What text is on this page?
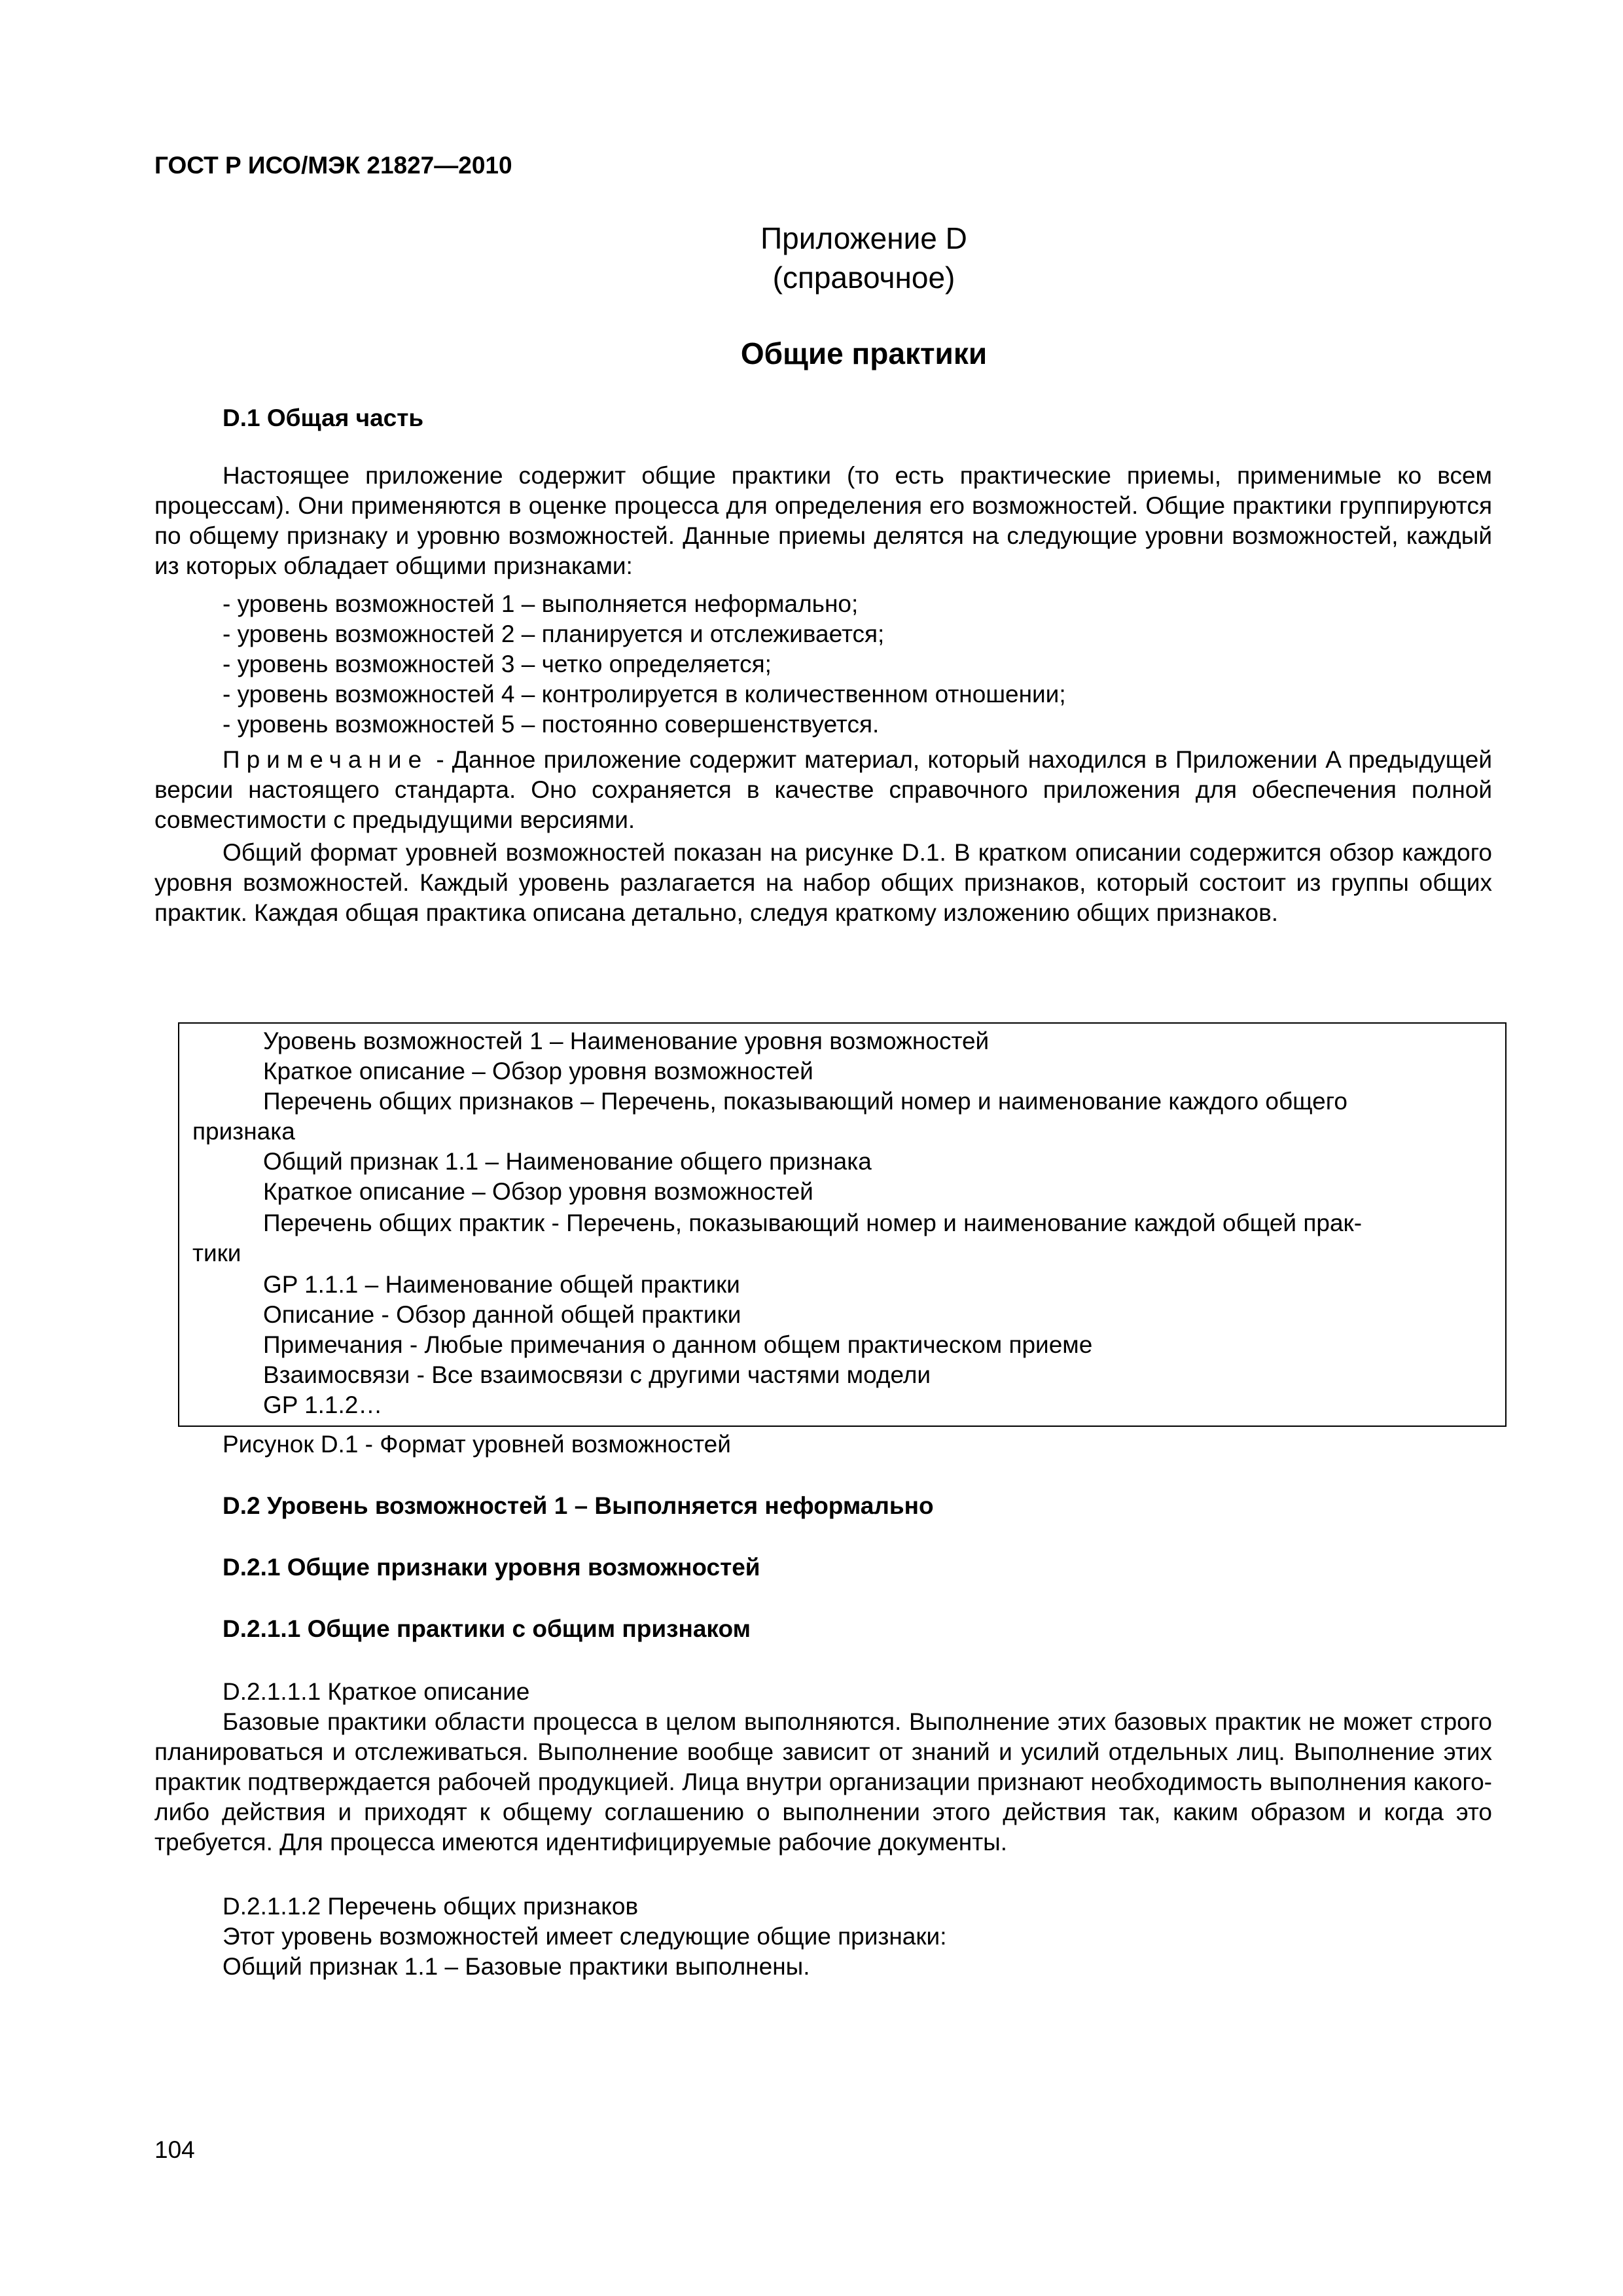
ГОСТ Р ИСО/МЭК 21827—2010
Приложение D
(справочное)
Общие практики
D.1 Общая часть
Настоящее приложение содержит общие практики (то есть практические приемы, применимые ко всем процессам). Они применяются в оценке процесса для определения его возможностей. Общие практики группируются по общему признаку и уровню возможностей. Данные приемы делятся на следующие уровни возможностей, каждый из которых обладает общими признаками:
- уровень возможностей 1 – выполняется неформально;
- уровень возможностей 2 – планируется и отслеживается;
- уровень возможностей 3 – четко определяется;
- уровень возможностей 4 – контролируется в количественном отношении;
- уровень возможностей 5 – постоянно совершенствуется.
Примечание - Данное приложение содержит материал, который находился в Приложении A предыдущей версии настоящего стандарта. Оно сохраняется в качестве справочного приложения для обеспечения полной совместимости с предыдущими версиями.
Общий формат уровней возможностей показан на рисунке D.1. В кратком описании содержится обзор каждого уровня возможностей. Каждый уровень разлагается на набор общих признаков, который состоит из группы общих практик. Каждая общая практика описана детально, следуя краткому изложению общих признаков.
Уровень возможностей 1 – Наименование уровня возможностей
Краткое описание – Обзор уровня возможностей
Перечень общих признаков – Перечень, показывающий номер и наименование каждого общего
признака
Общий признак 1.1 – Наименование общего признака
Краткое описание – Обзор уровня возможностей
Перечень общих практик - Перечень, показывающий номер и наименование каждой общей прак-
тики
GP 1.1.1 – Наименование общей практики
Описание - Обзор данной общей практики
Примечания - Любые примечания о данном общем практическом приеме
Взаимосвязи - Все взаимосвязи с другими частями модели
GP 1.1.2…
Рисунок D.1 - Формат уровней возможностей
D.2 Уровень возможностей 1 – Выполняется неформально
D.2.1 Общие признаки уровня возможностей
D.2.1.1 Общие практики с общим признаком
D.2.1.1.1 Краткое описание
Базовые практики области процесса в целом выполняются. Выполнение этих базовых практик не может строго планироваться и отслеживаться. Выполнение вообще зависит от знаний и усилий отдельных лиц. Выполнение этих практик подтверждается рабочей продукцией. Лица внутри организации признают необходимость выполнения какого-либо действия и приходят к общему соглашению о выполнении этого действия так, каким образом и когда это требуется. Для процесса имеются идентифицируемые рабочие документы.
D.2.1.1.2 Перечень общих признаков
Этот уровень возможностей имеет следующие общие признаки:
Общий признак 1.1 – Базовые практики выполнены.
104
